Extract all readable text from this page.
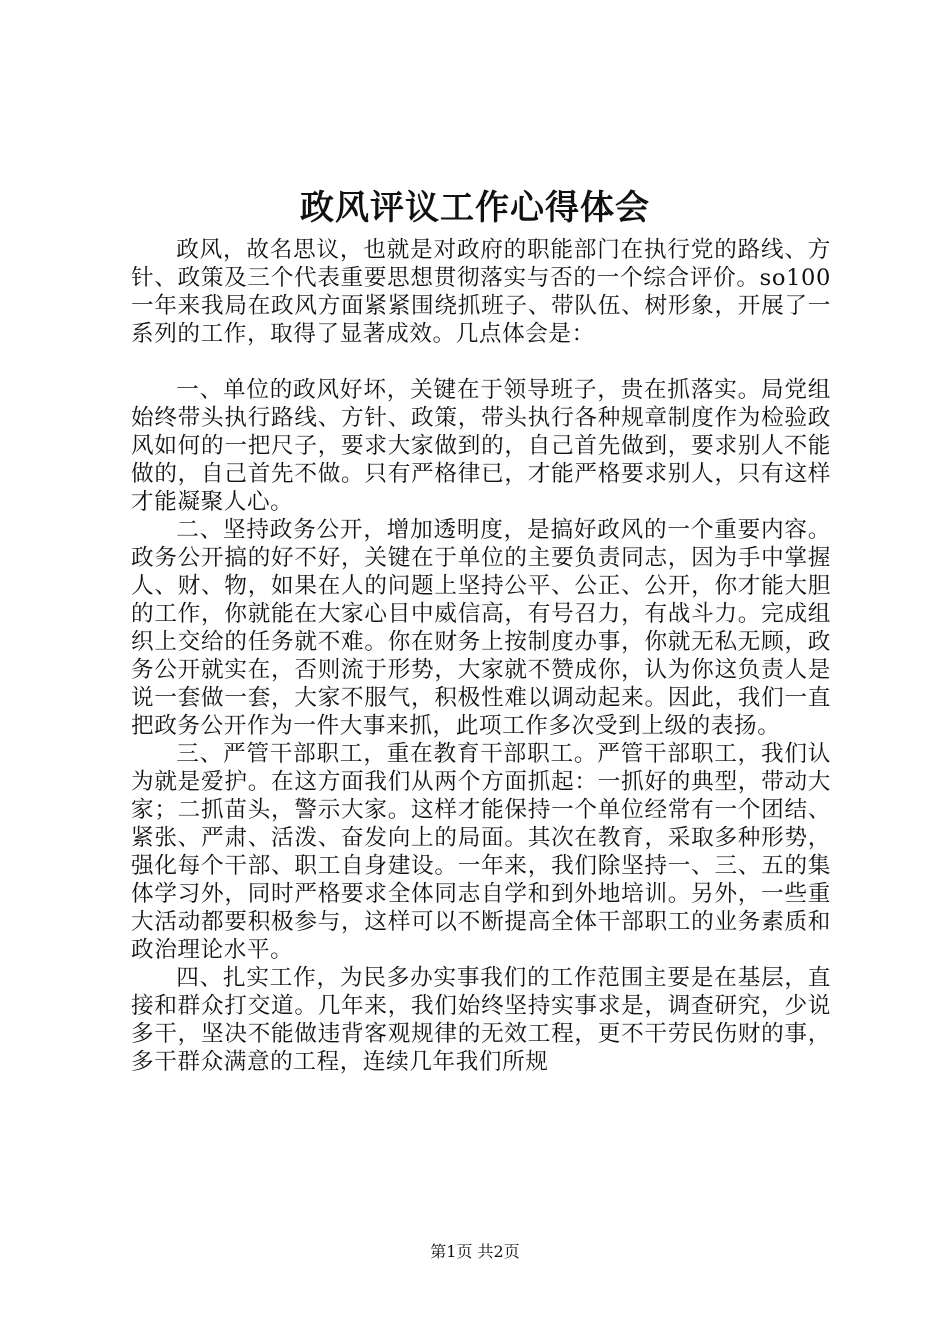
政风评议工作心得体会

政风，故名思议，也就是对政府的职能部门在执行党的路线、方针、政策及三个代表重要思想贯彻落实与否的一个综合评价。so100一年来我局在政风方面紧紧围绕抓班子、带队伍、树形象，开展了一系列的工作，取得了显著成效。几点体会是：

一、单位的政风好坏，关键在于领导班子，贵在抓落实。局党组始终带头执行路线、方针、政策，带头执行各种规章制度作为检验政风如何的一把尺子，要求大家做到的，自己首先做到，要求别人不能做的，自己首先不做。只有严格律已，才能严格要求别人，只有这样才能凝聚人心。

二、坚持政务公开，增加透明度，是搞好政风的一个重要内容。政务公开搞的好不好，关键在于单位的主要负责同志，因为手中掌握人、财、物，如果在人的问题上坚持公平、公正、公开，你才能大胆的工作，你就能在大家心目中威信高，有号召力，有战斗力。完成组织上交给的任务就不难。你在财务上按制度办事，你就无私无顾，政务公开就实在，否则流于形势，大家就不赞成你，认为你这负责人是说一套做一套，大家不服气，积极性难以调动起来。因此，我们一直把政务公开作为一件大事来抓，此项工作多次受到上级的表扬。

三、严管干部职工，重在教育干部职工。严管干部职工，我们认为就是爱护。在这方面我们从两个方面抓起：一抓好的典型，带动大家；二抓苗头，警示大家。这样才能保持一个单位经常有一个团结、紧张、严肃、活泼、奋发向上的局面。其次在教育，采取多种形势，强化每个干部、职工自身建设。一年来，我们除坚持一、三、五的集体学习外，同时严格要求全体同志自学和到外地培训。另外，一些重大活动都要积极参与，这样可以不断提高全体干部职工的业务素质和政治理论水平。

四、扎实工作，为民多办实事我们的工作范围主要是在基层，直接和群众打交道。几年来，我们始终坚持实事求是，调查研究，少说多干，坚决不能做违背客观规律的无效工程，更不干劳民伤财的事，多干群众满意的工程，连续几年我们所规

第1页 共2页
